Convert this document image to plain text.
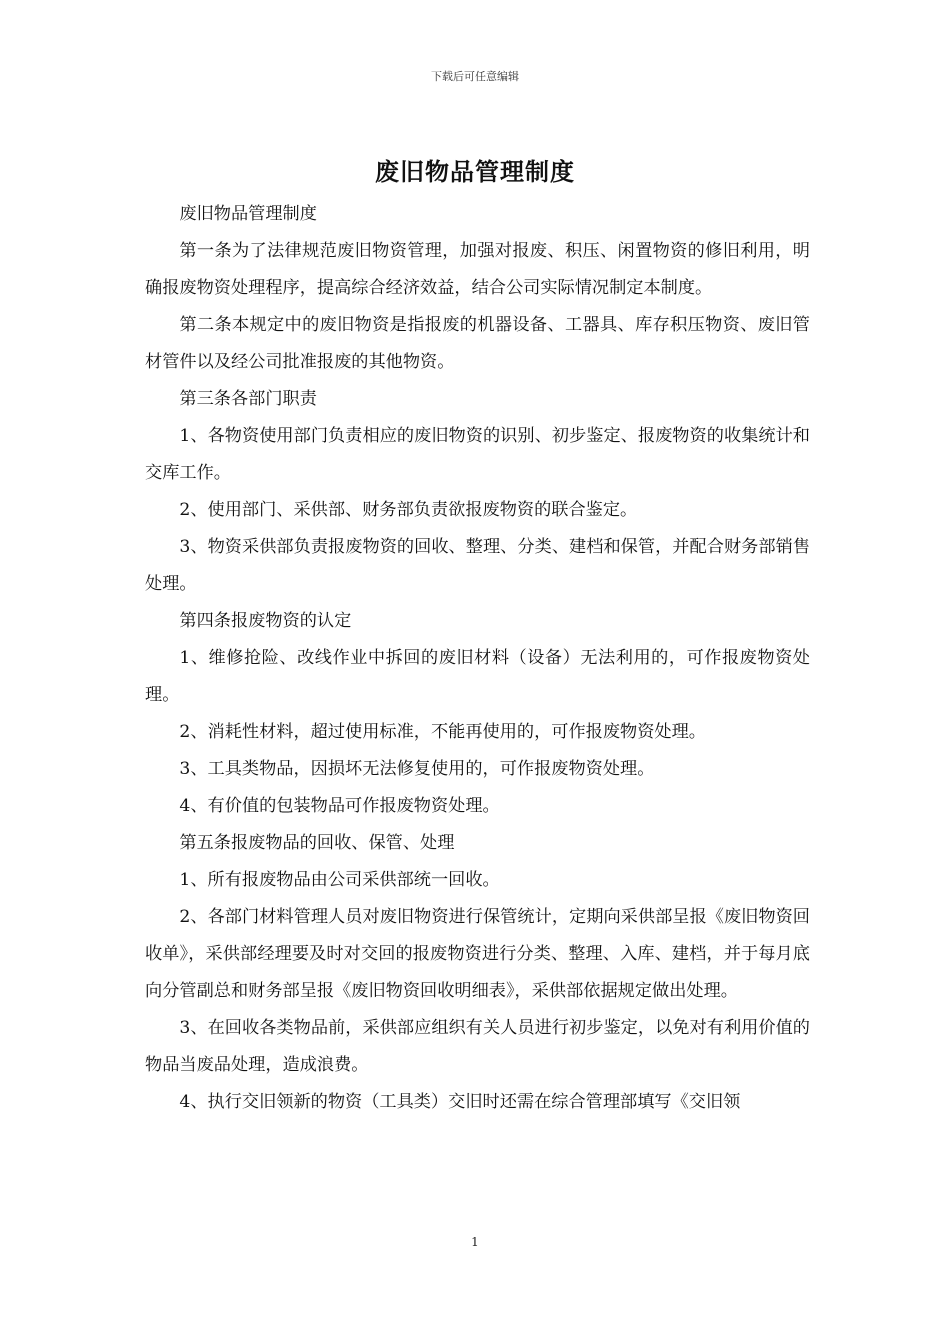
下载后可任意编辑
废旧物品管理制度

废旧物品管理制度

第一条为了法律规范废旧物资管理，加强对报废、积压、闲置物资的修旧利用，明确报废物资处理程序，提高综合经济效益，结合公司实际情况制定本制度。

第二条本规定中的废旧物资是指报废的机器设备、工器具、库存积压物资、废旧管材管件以及经公司批准报废的其他物资。

第三条各部门职责

1、各物资使用部门负责相应的废旧物资的识别、初步鉴定、报废物资的收集统计和交库工作。

2、使用部门、采供部、财务部负责欲报废物资的联合鉴定。

3、物资采供部负责报废物资的回收、整理、分类、建档和保管，并配合财务部销售处理。

第四条报废物资的认定

1、维修抢险、改线作业中拆回的废旧材料（设备）无法利用的，可作报废物资处理。

2、消耗性材料，超过使用标准，不能再使用的，可作报废物资处理。

3、工具类物品，因损坏无法修复使用的，可作报废物资处理。

4、有价值的包装物品可作报废物资处理。

第五条报废物品的回收、保管、处理

1、所有报废物品由公司采供部统一回收。

2、各部门材料管理人员对废旧物资进行保管统计，定期向采供部呈报《废旧物资回收单》，采供部经理要及时对交回的报废物资进行分类、整理、入库、建档，并于每月底向分管副总和财务部呈报《废旧物资回收明细表》，采供部依据规定做出处理。

3、在回收各类物品前，采供部应组织有关人员进行初步鉴定，以免对有利用价值的物品当废品处理，造成浪费。

4、执行交旧领新的物资（工具类）交旧时还需在综合管理部填写《交旧领

1
